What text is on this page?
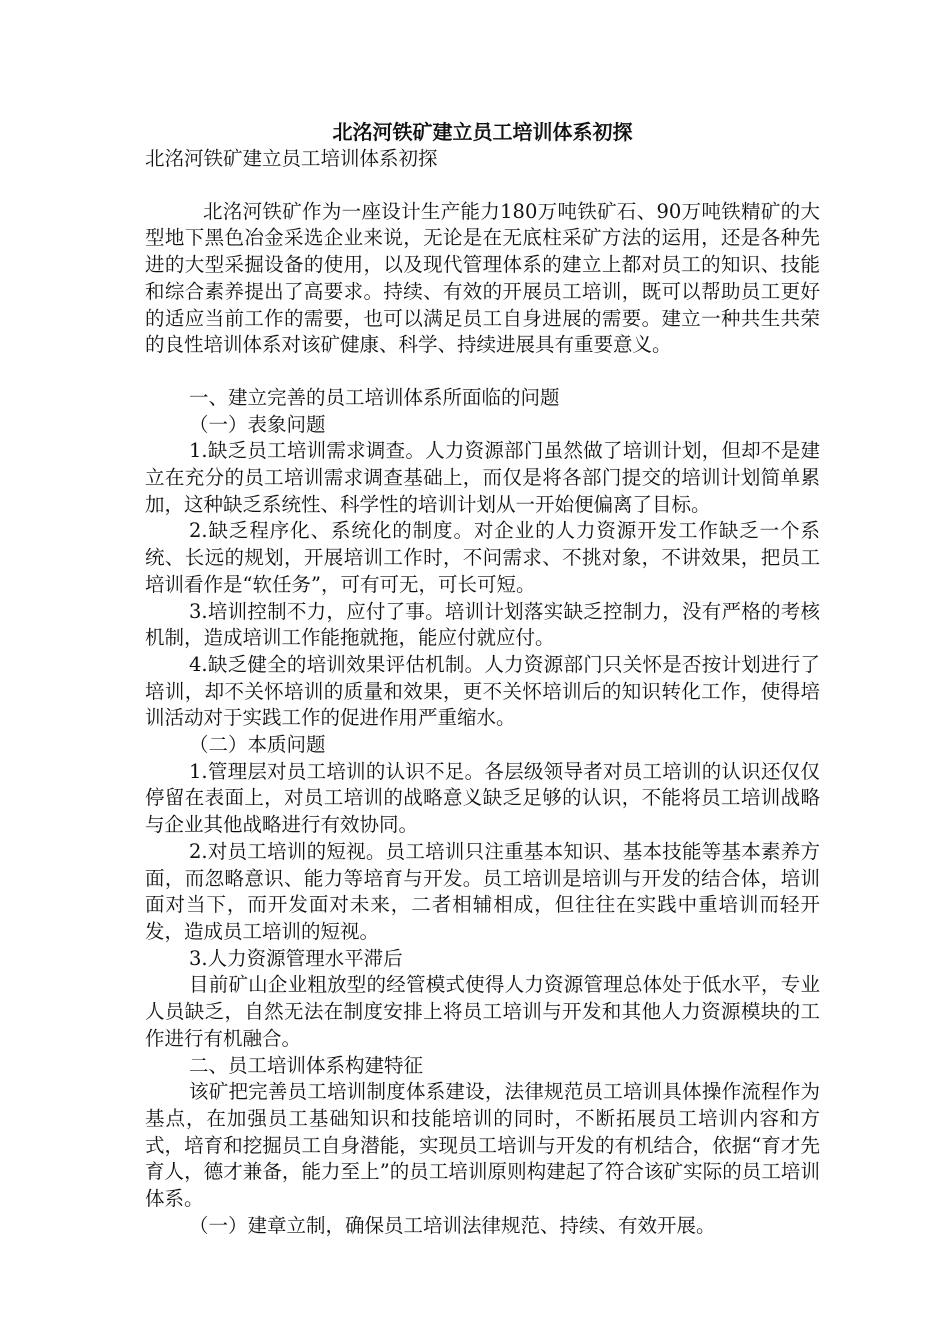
北洺河铁矿建立员工培训体系初探
北洺河铁矿建立员工培训体系初探

北洺河铁矿作为一座设计生产能力180万吨铁矿石、90万吨铁精矿的大型地下黑色冶金采选企业来说，无论是在无底柱采矿方法的运用，还是各种先进的大型采掘设备的使用，以及现代管理体系的建立上都对员工的知识、技能和综合素养提出了高要求。持续、有效的开展员工培训，既可以帮助员工更好的适应当前工作的需要，也可以满足员工自身进展的需要。建立一种共生共荣的良性培训体系对该矿健康、科学、持续进展具有重要意义。

一、建立完善的员工培训体系所面临的问题

（一）表象问题

1.缺乏员工培训需求调查。人力资源部门虽然做了培训计划，但却不是建立在充分的员工培训需求调查基础上，而仅是将各部门提交的培训计划简单累加，这种缺乏系统性、科学性的培训计划从一开始便偏离了目标。

2.缺乏程序化、系统化的制度。对企业的人力资源开发工作缺乏一个系统、长远的规划，开展培训工作时，不问需求、不挑对象，不讲效果，把员工培训看作是“软任务”，可有可无，可长可短。

3.培训控制不力，应付了事。培训计划落实缺乏控制力，没有严格的考核机制，造成培训工作能拖就拖，能应付就应付。

4.缺乏健全的培训效果评估机制。人力资源部门只关怀是否按计划进行了培训，却不关怀培训的质量和效果，更不关怀培训后的知识转化工作，使得培训活动对于实践工作的促进作用严重缩水。

（二）本质问题

1.管理层对员工培训的认识不足。各层级领导者对员工培训的认识还仅仅停留在表面上，对员工培训的战略意义缺乏足够的认识，不能将员工培训战略与企业其他战略进行有效协同。

2.对员工培训的短视。员工培训只注重基本知识、基本技能等基本素养方面，而忽略意识、能力等培育与开发。员工培训是培训与开发的结合体，培训面对当下，而开发面对未来，二者相辅相成，但往往在实践中重培训而轻开发，造成员工培训的短视。

3.人力资源管理水平滞后

目前矿山企业粗放型的经管模式使得人力资源管理总体处于低水平，专业人员缺乏，自然无法在制度安排上将员工培训与开发和其他人力资源模块的工作进行有机融合。

二、员工培训体系构建特征

该矿把完善员工培训制度体系建设，法律规范员工培训具体操作流程作为基点，在加强员工基础知识和技能培训的同时，不断拓展员工培训内容和方式，培育和挖掘员工自身潜能，实现员工培训与开发的有机结合，依据“育才先育人，德才兼备，能力至上”的员工培训原则构建起了符合该矿实际的员工培训体系。

（一）建章立制，确保员工培训法律规范、持续、有效开展。
